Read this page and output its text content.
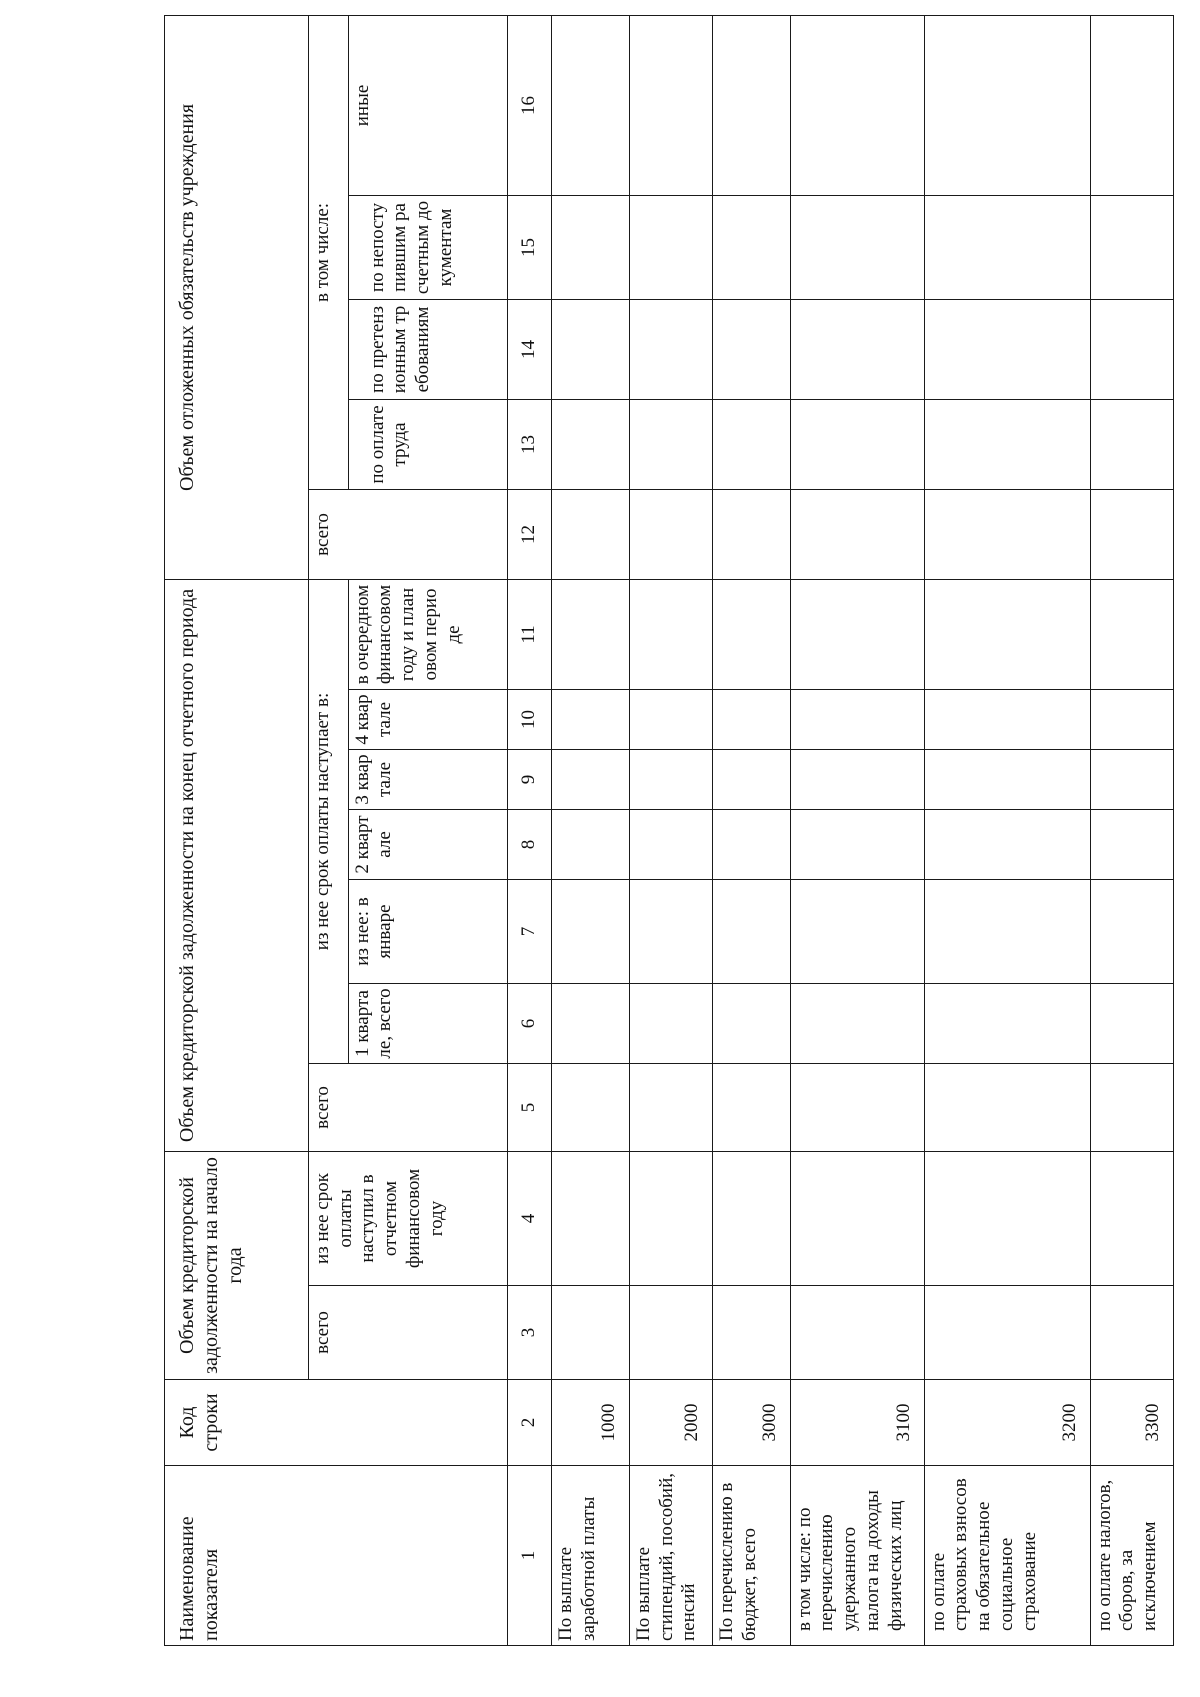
Наименование показателя	Код строки	Объем кредиторской задолженности на начало года		Объем кредиторской задолженности на конец отчетного периода							Объем отложенных обязательств учреждения				
		всего	из нее срок оплаты наступил в отчетном финансовом году	всего	из нее срок оплаты наступает в:						всего	в том числе:			

					1 квартале, всего	из нее: в январе	2 квартале	3 квартале	4 квартале	в очередном финансовом году и плановом периоде					иные

												по оплате труда	по претензионным требованиям	по непоступившим расчетным документам	

1	2	3	4	5	6	7	8	9	10	11	12	13	14	15	16
По выплате заработной платы	1000														
По выплате стипендий, пособий, пенсий	2000														
По перечислению в бюджет, всего	3000														
в том числе: по перечислению удержанного налога на доходы физических лиц	3100														
по оплате страховых взносов на обязательное социальное страхование	3200														
по оплате налогов, сборов, за исключением	3300														
